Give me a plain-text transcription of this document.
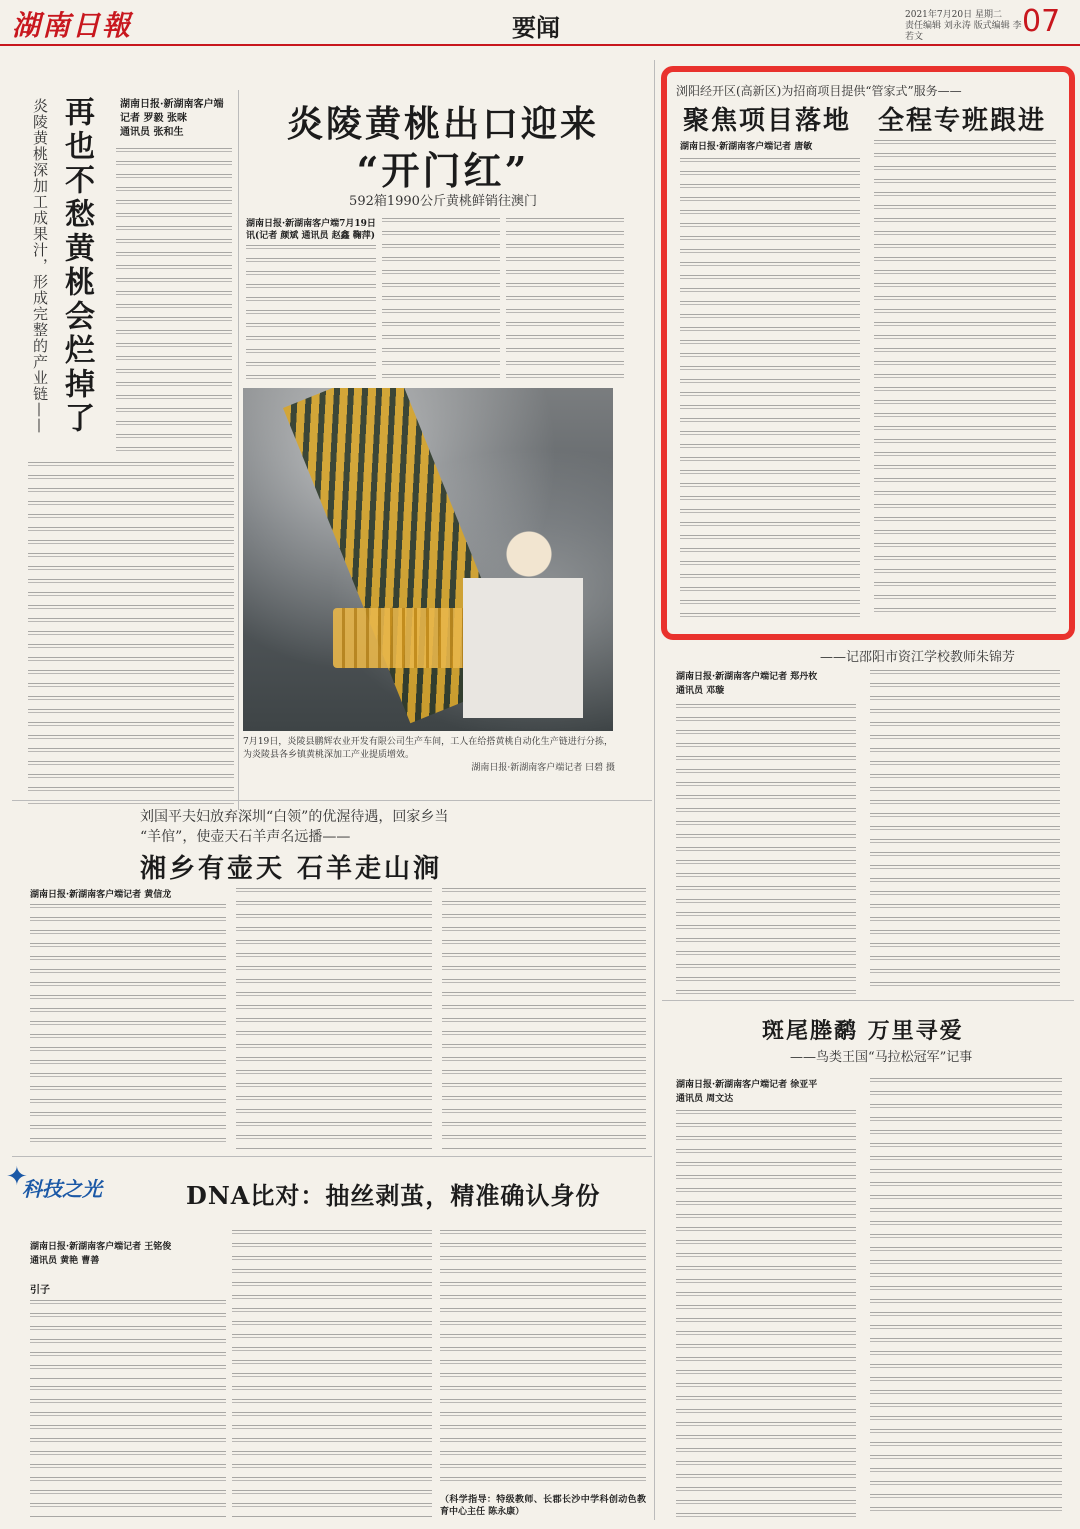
湖南日報	要闻	2021年7月20日 星期二
责任编辑 刘永涛 版式编辑 李若文	07
炎陵黄桃深加工成果汁，形成完整的产业链—— 再也不愁黄桃会烂掉了	湖南日报·新湖南客户端
记者 罗毅 张咪
通讯员 张和生	炎陵黄桃出口迎来
“开门红”
592箱1990公斤黄桃鲜销往澳门
湖南日报·新湖南客户端7月19日讯(记者 颜斌 通讯员 赵鑫 鞠萍)
7月19日，炎陵县鹏辉农业开发有限公司生产车间，工人在给搭黄桃自动化生产链进行分拣，为炎陵县各乡镇黄桃深加工产业提质增效。
湖南日报·新湖南客户端记者 曰碧 摄
浏阳经开区(高新区)为招商项目提供“管家式”服务——
聚焦项目落地 全程专班跟进
湖南日报·新湖南客户端记者 唐敏
——记邵阳市资江学校教师朱锦芳
湖南日报·新湖南客户端记者 郑丹枚
通讯员 邓璇
斑尾塍鹬 万里寻爱
——鸟类王国“马拉松冠军”记事
湖南日报·新湖南客户端记者 徐亚平
通讯员 周文达
刘国平夫妇放弃深圳“白领”的优渥待遇，回家乡当
“羊倌”，使壶天石羊声名远播——
湘乡有壶天 石羊走山涧
湖南日报·新湖南客户端记者 黄信龙
✦
科技之光	DNA比对：抽丝剥茧，精准确认身份
湖南日报·新湖南客户端记者 王铭俊
通讯员 黄艳 曹善
引子
（科学指导：特级教师、长郡长沙中学科创动色教育中心主任 陈永康）
